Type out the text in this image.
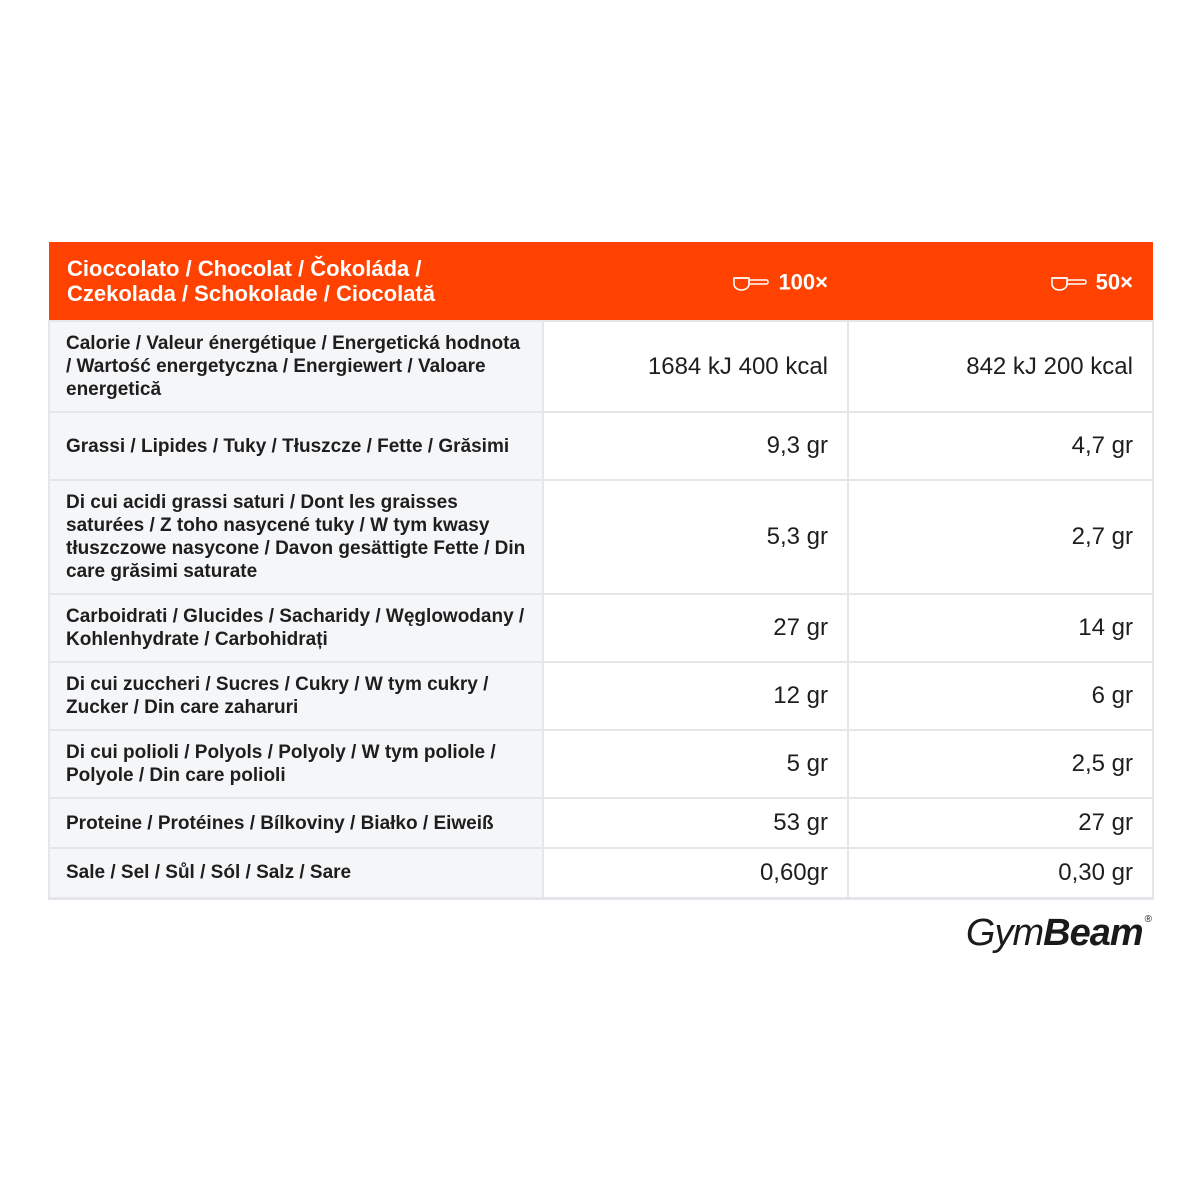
Cioccolato / Chocolat / Čokoláda /
Czekolada / Schokolade / Ciocolată	100×	50×
Calorie / Valeur énergétique / Energetická hodnota / Wartość energetyczna / Energiewert / Valoare energetică	1684 kJ 400 kcal	842 kJ 200 kcal
Grassi / Lipides / Tuky / Tłuszcze / Fette / Grăsimi	9,3 gr	4,7 gr
Di cui acidi grassi saturi / Dont les graisses saturées / Z toho nasycené tuky / W tym kwasy tłuszczowe nasycone / Davon gesättigte Fette / Din care grăsimi saturate	5,3 gr	2,7 gr
Carboidrati / Glucides / Sacharidy / Węglowodany / Kohlenhydrate / Carbohidrați	27 gr	14 gr
Di cui zuccheri / Sucres / Cukry / W tym cukry / Zucker / Din care zaharuri	12 gr	6 gr
Di cui polioli / Polyols / Polyoly / W tym poliole / Polyole / Din care polioli	5 gr	2,5 gr
Proteine / Protéines / Bílkoviny / Białko / Eiweiß	53 gr	27 gr
Sale / Sel / Sůl / Sól / Salz / Sare	0,60gr	0,30 gr
GymBeam ®
